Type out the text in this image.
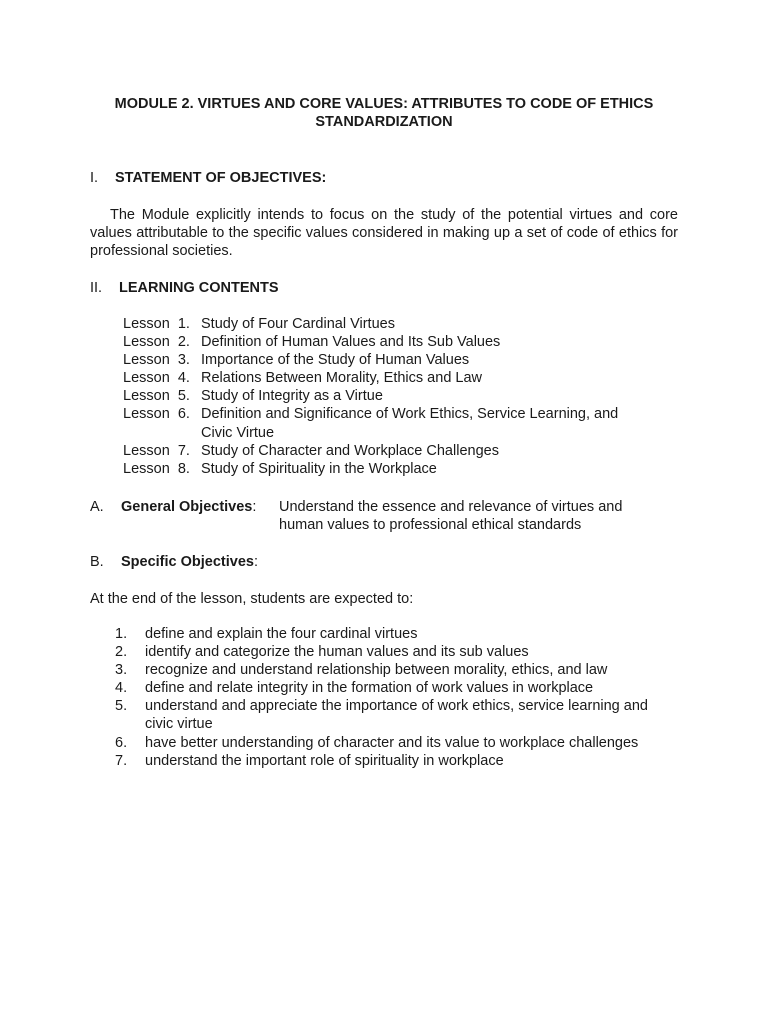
MODULE 2. VIRTUES AND CORE VALUES: ATTRIBUTES TO CODE OF ETHICS
STANDARDIZATION
I. STATEMENT OF OBJECTIVES:
The Module explicitly intends to focus on the study of the potential virtues and core values attributable to the specific values considered in making up a set of code of ethics for professional societies.
II. LEARNING CONTENTS
Lesson  1. Study of Four Cardinal Virtues
Lesson  2. Definition of Human Values and Its Sub Values
Lesson  3. Importance of the Study of Human Values
Lesson  4. Relations Between Morality, Ethics and Law
Lesson  5. Study of Integrity as a Virtue
Lesson  6. Definition and Significance of Work Ethics, Service Learning, and Civic Virtue
Lesson  7. Study of Character and Workplace Challenges
Lesson  8. Study of Spirituality in the Workplace
A.	General Objectives:	Understand the essence and relevance of virtues and
human values to professional ethical standards
B. Specific Objectives:
At the end of the lesson, students are expected to:
1.	define and explain the four cardinal virtues
2.	identify and categorize the human values and its sub values
3.	recognize and understand relationship between morality, ethics, and law
4.	define and relate integrity in the formation of work values in workplace
5.	understand and appreciate the importance of work ethics, service learning and civic virtue
6.	have better understanding of character and its value to workplace challenges
7.	understand the important role of spirituality in workplace
